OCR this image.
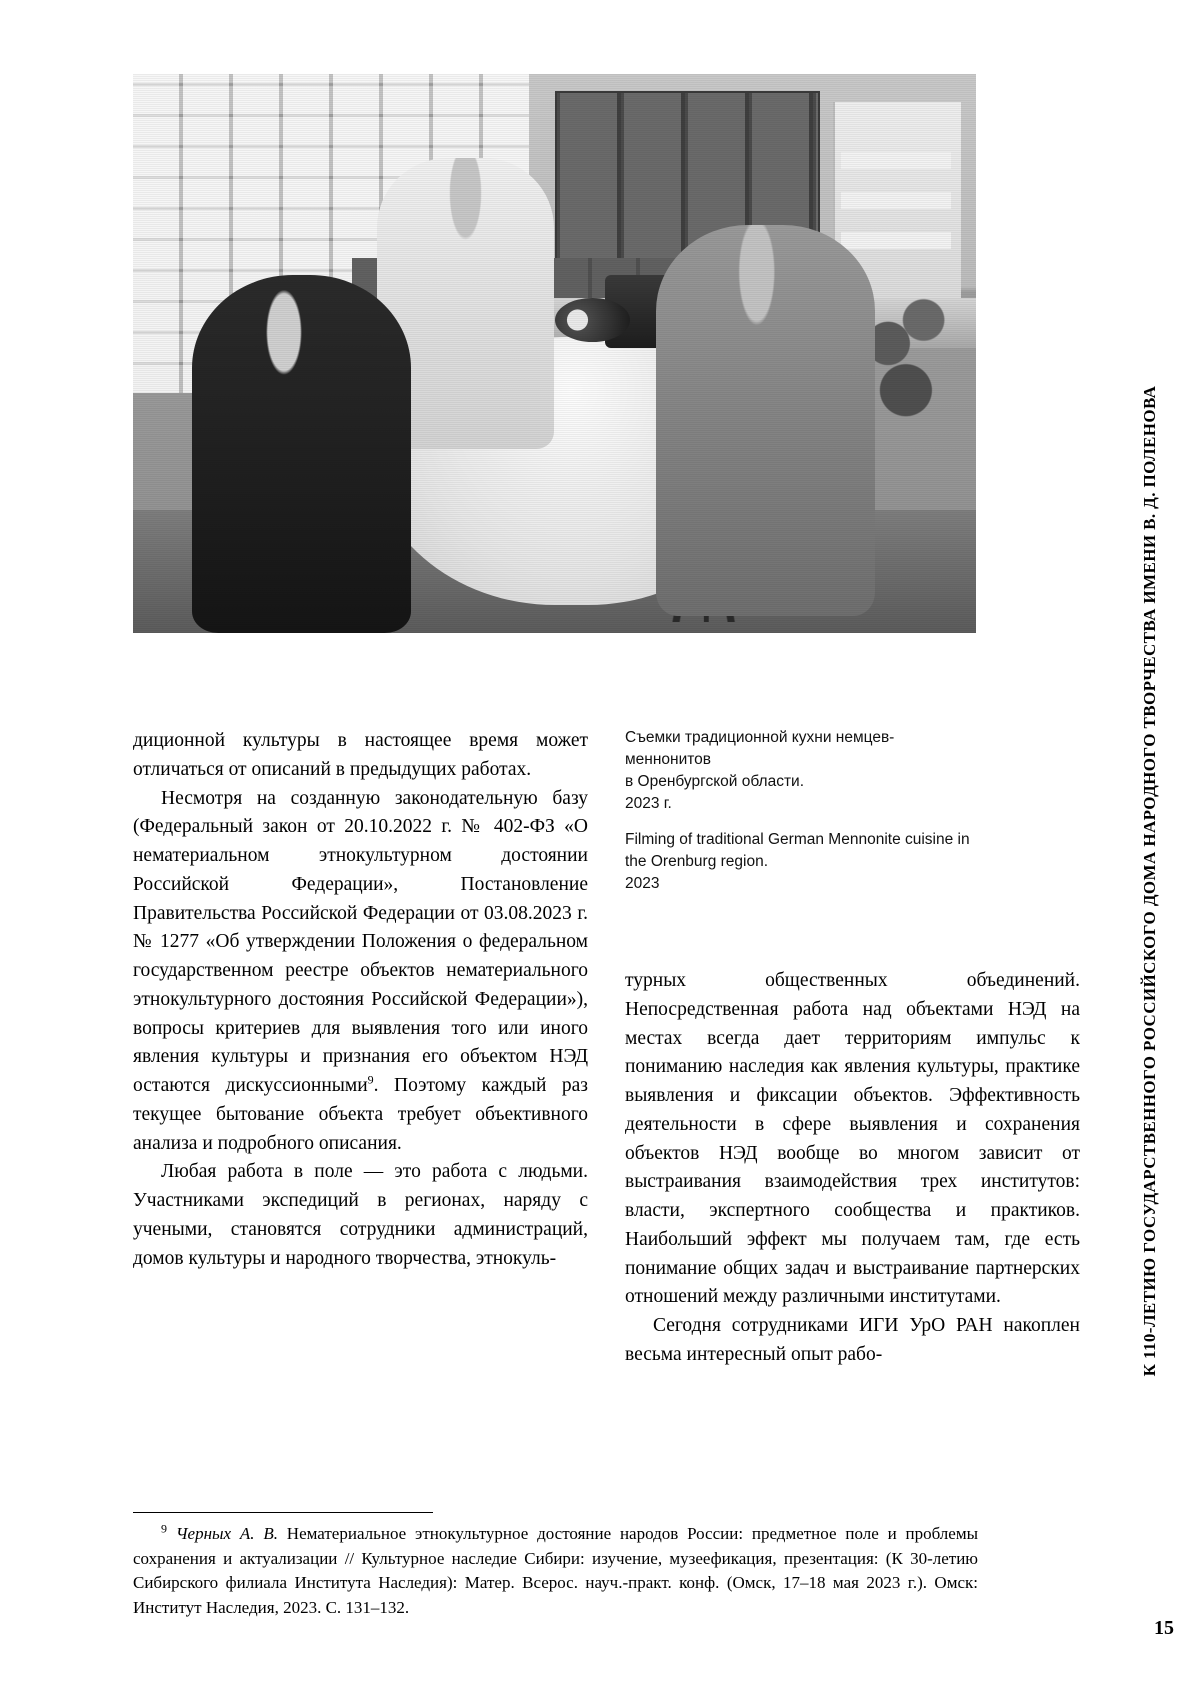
Съемки традиционной кухни немцев-меннонитов
в Оренбургской области.
2023 г.

Filming of traditional German Mennonite cuisine in
the Orenburg region.
2023

диционной культуры в настоящее время может отличаться от описаний в предыдущих работах.

Несмотря на созданную законодательную базу (Федеральный закон от 20.10.2022 г. № 402-ФЗ «О нематериальном этнокультурном достоянии Российской Федерации», Постановление Правительства Российской Федерации от 03.08.2023 г. № 1277 «Об утверждении Положения о федеральном государственном реестре объектов нематериального этнокультурного достояния Российской Федерации»), вопросы критериев для выявления того или иного явления культуры и признания его объектом НЭД остаются дискуссионными$^9$. Поэтому каждый раз текущее бытование объекта требует объективного анализа и подробного описания.

Любая работа в поле — это работа с людьми. Участниками экспедиций в регионах, наряду с учеными, становятся сотрудники администраций, домов культуры и народного творчества, этнокуль-

турных общественных объединений. Непосредственная работа над объектами НЭД на местах всегда дает территориям импульс к пониманию наследия как явления культуры, практике выявления и фиксации объектов. Эффективность деятельности в сфере выявления и сохранения объектов НЭД вообще во многом зависит от выстраивания взаимодействия трех институтов: власти, экспертного сообщества и практиков. Наибольший эффект мы получаем там, где есть понимание общих задач и выстраивание партнерских отношений между различными институтами.

Сегодня сотрудниками ИГИ УрО РАН накоплен весьма интересный опыт рабо-

$^9$ Черных А. В. Нематериальное этнокультурное достояние народов России: предметное поле и проблемы сохранения и актуализации // Культурное наследие Сибири: изучение, музеефикация, презентация: (К 30-летию Сибирского филиала Института Наследия): Матер. Всерос. науч.-практ. конф. (Омск, 17–18 мая 2023 г.). Омск: Институт Наследия, 2023. С. 131–132.

К 110-ЛЕТИЮ ГОСУДАРСТВЕННОГО РОССИЙСКОГО ДОМА НАРОДНОГО ТВОРЧЕСТВА ИМЕНИ В. Д. ПОЛЕНОВА
15
